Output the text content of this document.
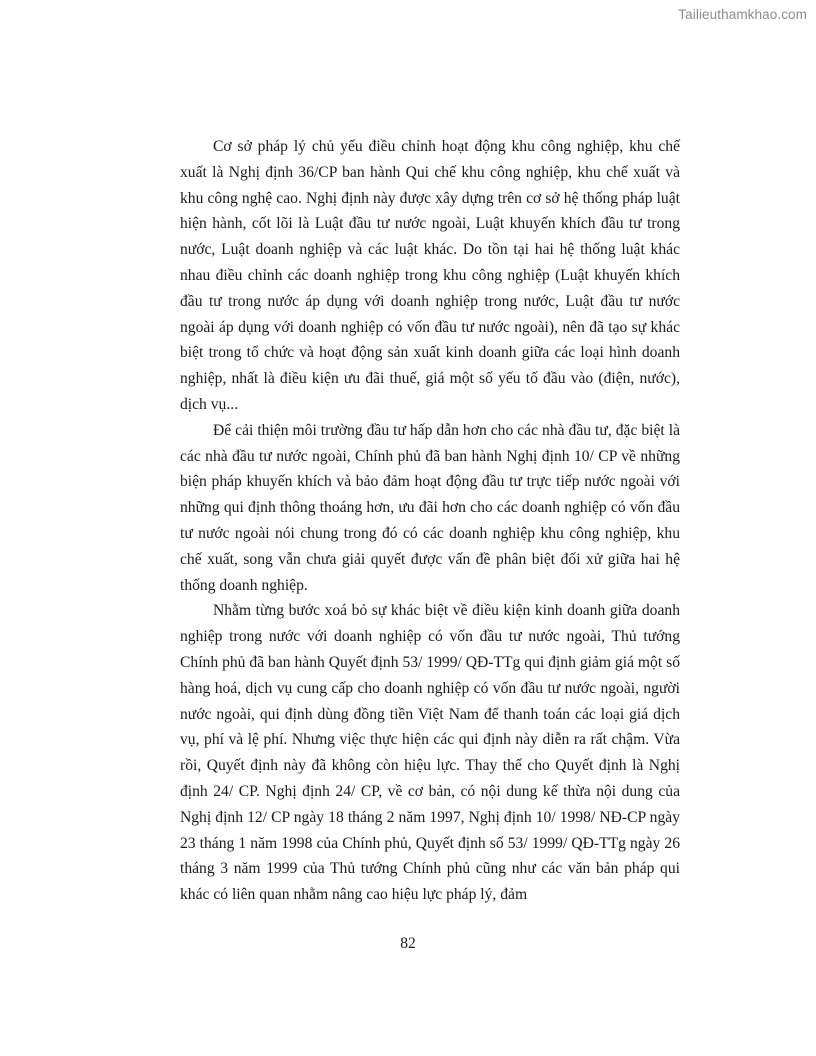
Tailieuthamkhao.com

Cơ sở pháp lý chủ yếu điều chỉnh hoạt động khu công nghiệp, khu chế xuất là Nghị định 36/CP ban hành Qui chế khu công nghiệp, khu chế xuất và khu công nghệ cao. Nghị định này được xây dựng trên cơ sở hệ thống pháp luật hiện hành, cốt lõi là Luật đầu tư nước ngoài, Luật khuyến khích đầu tư trong nước, Luật doanh nghiệp và các luật khác. Do tồn tại hai hệ thống luật khác nhau điều chỉnh các doanh nghiệp trong khu công nghiệp (Luật khuyến khích đầu tư trong nước áp dụng với doanh nghiệp trong nước, Luật đầu tư nước ngoài áp dụng với doanh nghiệp có vốn đầu tư nước ngoài), nên đã tạo sự khác biệt trong tổ chức và hoạt động sản xuất kinh doanh giữa các loại hình doanh nghiệp, nhất là điều kiện ưu đãi thuế, giá một số yếu tố đầu vào (điện, nước), dịch vụ...

Để cải thiện môi trường đầu tư hấp dẫn hơn cho các nhà đầu tư, đặc biệt là các nhà đầu tư nước ngoài, Chính phủ đã ban hành Nghị định 10/ CP về những biện pháp khuyến khích và bảo đảm hoạt động đầu tư trực tiếp nước ngoài với những qui định thông thoáng hơn, ưu đãi hơn cho các doanh nghiệp có vốn đầu tư nước ngoài nói chung trong đó có các doanh nghiệp khu công nghiệp, khu chế xuất, song vẫn chưa giải quyết được vấn đề phân biệt đối xử giữa hai hệ thống doanh nghiệp.

Nhằm từng bước xoá bỏ sự khác biệt về điều kiện kinh doanh giữa doanh nghiệp trong nước với doanh nghiệp có vốn đầu tư nước ngoài, Thủ tướng Chính phủ đã ban hành Quyết định 53/ 1999/ QĐ-TTg qui định giảm giá một số hàng hoá, dịch vụ cung cấp cho doanh nghiệp có vốn đầu tư nước ngoài, người nước ngoài, qui định dùng đồng tiền Việt Nam để thanh toán các loại giá dịch vụ, phí và lệ phí. Nhưng việc thực hiện các qui định này diễn ra rất chậm. Vừa rồi, Quyết định này đã không còn hiệu lực. Thay thế cho Quyết định là Nghị định 24/ CP. Nghị định 24/ CP, về cơ bản, có nội dung kế thừa nội dung của Nghị định 12/ CP ngày 18 tháng 2 năm 1997, Nghị định 10/ 1998/ NĐ-CP ngày 23 tháng 1 năm 1998 của Chính phủ, Quyết định số 53/ 1999/ QĐ-TTg ngày 26 tháng 3 năm 1999 của Thủ tướng Chính phủ cũng như các văn bản pháp qui khác có liên quan nhằm nâng cao hiệu lực pháp lý, đảm

82
